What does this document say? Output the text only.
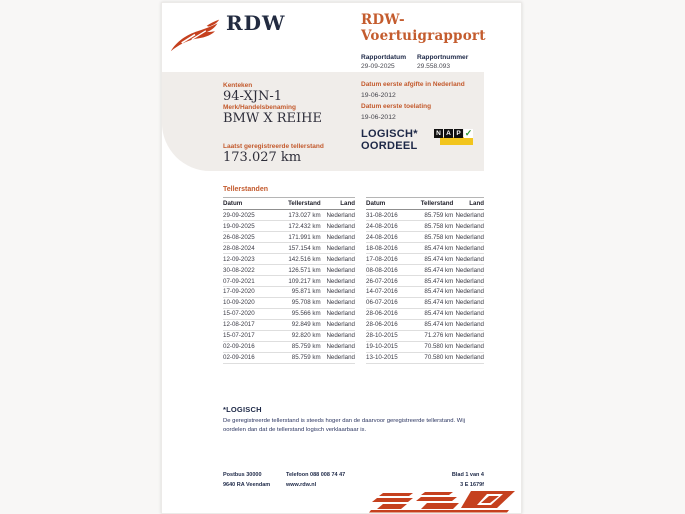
RDW	RDW-Voertuigrapport
Rapportdatum
29-09-2025
Rapportnummer
29.558.093
Kenteken
94-XJN-1
Merk/Handelsbenaming
BMW X REIHE
Laatst geregistreerde tellerstand
173.027 km
Datum eerste afgifte in Nederland
19-06-2012
Datum eerste toelating
19-06-2012
LOGISCH*
OORDEEL
N A P ✓
Tellerstanden
Datum	Tellerstand	Land
29-09-2025	173.027 km	Nederland
19-09-2025	172.432 km	Nederland
26-08-2025	171.991 km	Nederland
28-08-2024	157.154 km	Nederland
12-09-2023	142.516 km	Nederland
30-08-2022	126.571 km	Nederland
07-09-2021	109.217 km	Nederland
17-09-2020	95.871 km	Nederland
10-09-2020	95.708 km	Nederland
15-07-2020	95.566 km	Nederland
12-08-2017	92.849 km	Nederland
15-07-2017	92.820 km	Nederland
02-09-2016	85.759 km	Nederland
02-09-2016	85.759 km	Nederland
Datum	Tellerstand	Land
31-08-2016	85.759 km	Nederland
24-08-2016	85.758 km	Nederland
24-08-2016	85.758 km	Nederland
18-08-2016	85.474 km	Nederland
17-08-2016	85.474 km	Nederland
08-08-2016	85.474 km	Nederland
26-07-2016	85.474 km	Nederland
14-07-2016	85.474 km	Nederland
06-07-2016	85.474 km	Nederland
28-06-2016	85.474 km	Nederland
28-06-2016	85.474 km	Nederland
28-10-2015	71.276 km	Nederland
19-10-2015	70.580 km	Nederland
13-10-2015	70.580 km	Nederland
*LOGISCH
De geregistreerde tellerstand is steeds hoger dan de daarvoor geregistreerde tellerstand. Wij oordelen dan dat de tellerstand logisch verklaarbaar is.
Postbus 30000
9640 RA Veendam
Telefoon 088 008 74 47
www.rdw.nl
Blad 1 van 4
3 E 1679f
